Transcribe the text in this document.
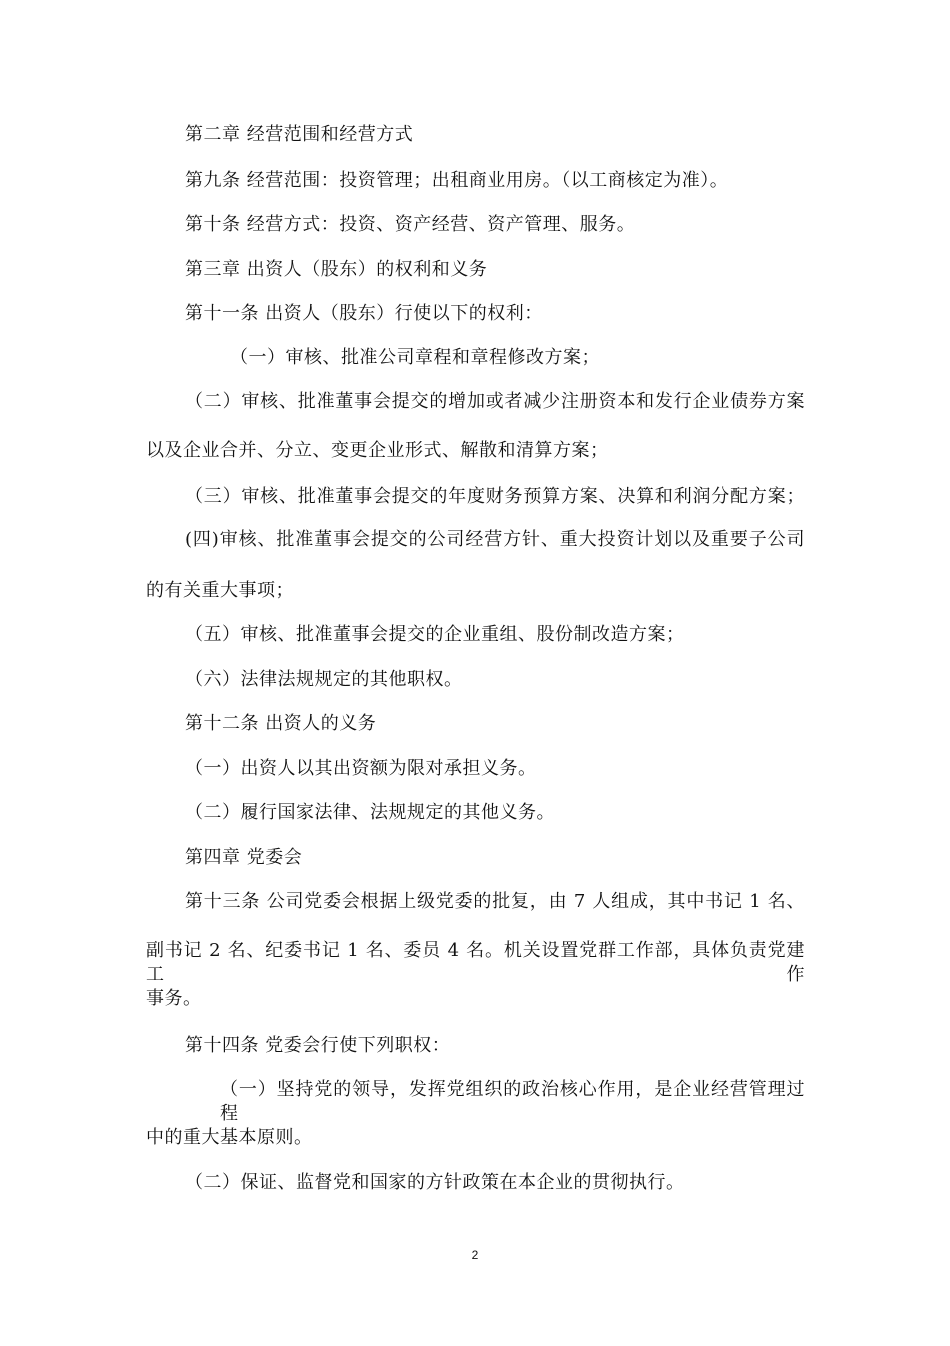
第二章 经营范围和经营方式
第九条 经营范围：投资管理；出租商业用房。（以工商核定为准）。
第十条 经营方式：投资、资产经营、资产管理、服务。
第三章 出资人（股东）的权利和义务
第十一条 出资人（股东）行使以下的权利：
（一）审核、批准公司章程和章程修改方案；
（二）审核、批准董事会提交的增加或者减少注册资本和发行企业债券方案
以及企业合并、分立、变更企业形式、解散和清算方案；
（三）审核、批准董事会提交的年度财务预算方案、决算和利润分配方案；
(四)审核、批准董事会提交的公司经营方针、重大投资计划以及重要子公司
的有关重大事项；
（五）审核、批准董事会提交的企业重组、股份制改造方案；
（六）法律法规规定的其他职权。
第十二条 出资人的义务
（一）出资人以其出资额为限对承担义务。
（二）履行国家法律、法规规定的其他义务。
第四章 党委会
第十三条 公司党委会根据上级党委的批复，由 7 人组成，其中书记 1 名、
副书记 2 名、纪委书记 1 名、委员 4 名。机关设置党群工作部，具体负责党建工作
事务。
第十四条 党委会行使下列职权：
（一）坚持党的领导，发挥党组织的政治核心作用，是企业经营管理过程
中的重大基本原则。
（二）保证、监督党和国家的方针政策在本企业的贯彻执行。
2
